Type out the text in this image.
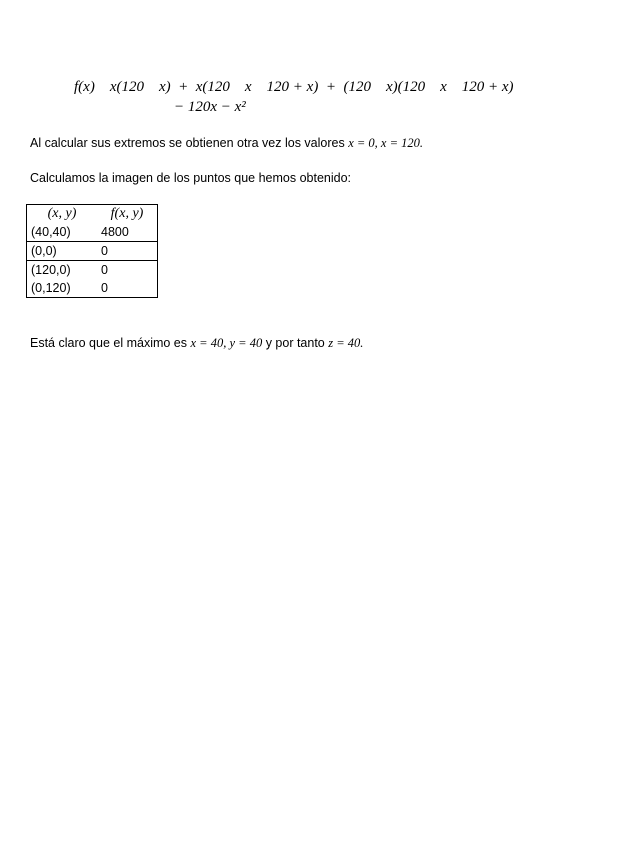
f(x)    x(120    x)  +  x(120    x    120 + x)  +  (120    x)(120    x    120 + x)
− 120x − x²
Al calcular sus extremos se obtienen otra vez los valores x = 0, x = 120.
Calculamos la imagen de los puntos que hemos obtenido:
(x, y)	f(x, y)
(40,40)	4800
(0,0)	0
(120,0)	0
(0,120)	0
Está claro que el máximo es x = 40, y = 40 y por tanto z = 40.
